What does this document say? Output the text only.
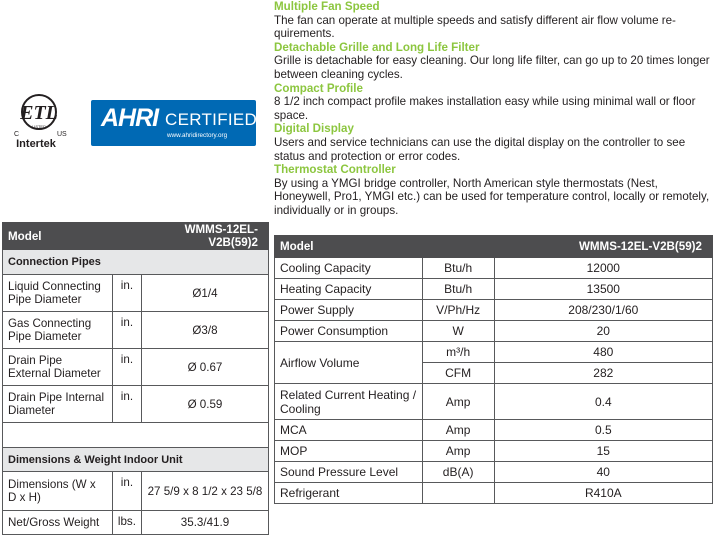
Multiple Fan Speed
The fan can operate at multiple speeds and satisfy different air flow volume re-quirements.
Detachable Grille and Long Life Filter
Grille is detachable for easy cleaning. Our long life filter, can go up to 20 times longer between cleaning cycles.
Compact Profile
8 1/2 inch compact profile makes installation easy while using minimal wall or floor space.
Digital Display
Users and service technicians can use the digital display on the controller to see status and protection or error codes.
Thermostat Controller
By using a YMGI bridge controller, North American style thermostats (Nest, Honeywell, Pro1, YMGI etc.) can be used for temperature control, locally or remotely, individually or in groups.
ETL
LISTED
C	US
Intertek
AHRI CERTIFIED
www.ahridirectory.org
Model		WMMS-12EL-V2B(59)2
Connection Pipes		
Liquid Connecting Pipe Diameter	in.	Ø1/4
Gas Connecting Pipe Diameter	in.	Ø3/8
Drain Pipe External Diameter	in.	Ø 0.67
Drain Pipe Internal Diameter	in.	Ø 0.59

Dimensions & Weight Indoor Unit		
Dimensions (W x D x H)	in.	27 5/9 x 8 1/2 x 23 5/8
Net/Gross Weight	lbs.	35.3/41.9
Model		WMMS-12EL-V2B(59)2
Cooling Capacity	Btu/h	12000
Heating Capacity	Btu/h	13500
Power Supply	V/Ph/Hz	208/230/1/60
Power Consumption	W	20
Airflow Volume	m³/h	480
	CFM	282
Related Current Heating / Cooling	Amp	0.4
MCA	Amp	0.5
MOP	Amp	15
Sound Pressure Level	dB(A)	40
Refrigerant		R410A
